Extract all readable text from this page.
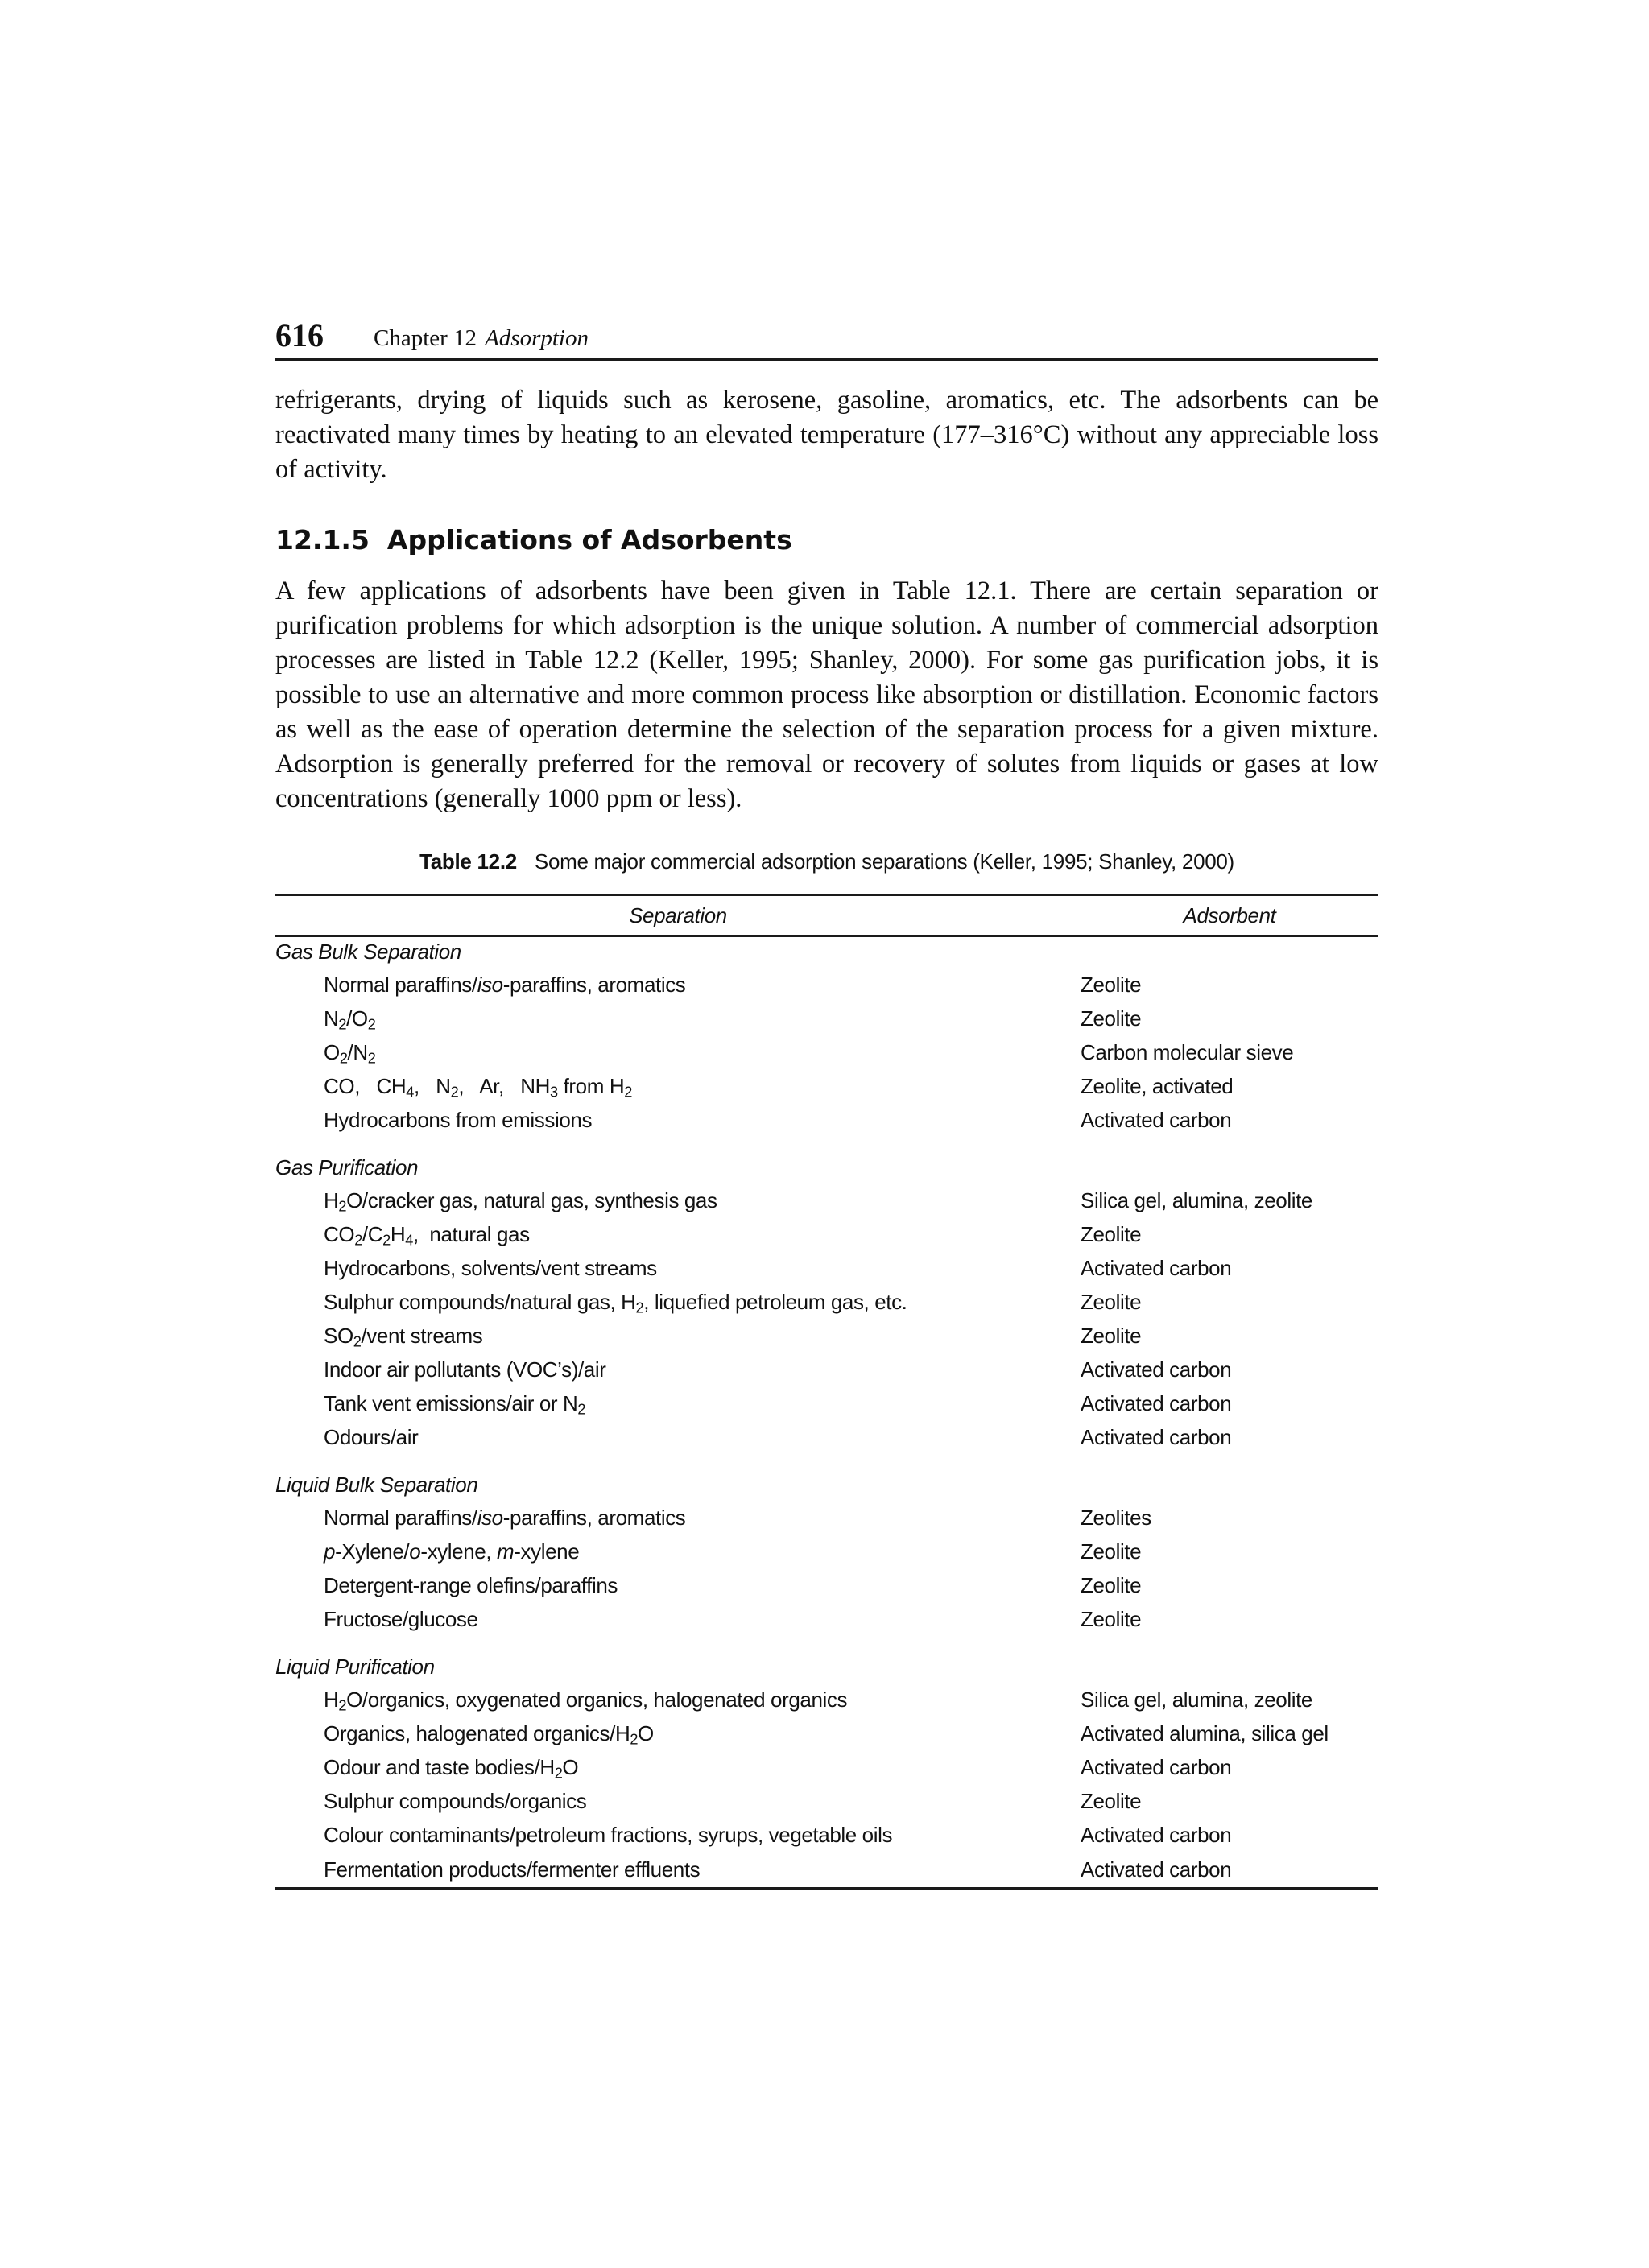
616 Chapter 12 Adsorption

refrigerants, drying of liquids such as kerosene, gasoline, aromatics, etc. The adsorbents can be reactivated many times by heating to an elevated temperature (177–316°C) without any appreciable loss of activity.

12.1.5 Applications of Adsorbents

A few applications of adsorbents have been given in Table 12.1. There are certain separation or purification problems for which adsorption is the unique solution. A number of commercial adsorption processes are listed in Table 12.2 (Keller, 1995; Shanley, 2000). For some gas purification jobs, it is possible to use an alternative and more common process like absorption or distillation. Economic factors as well as the ease of operation determine the selection of the separation process for a given mixture. Adsorption is generally preferred for the removal or recovery of solutes from liquids or gases at low concentrations (generally 1000 ppm or less).

Table 12.2 Some major commercial adsorption separations (Keller, 1995; Shanley, 2000)
Separation	Adsorbent
Gas Bulk Separation	
Normal paraffins/iso-paraffins, aromatics	Zeolite
$N_2/O_2$	Zeolite
$O_2/N_2$	Carbon molecular sieve
CO,   $CH_4$,   $N_2$,   Ar,   $NH_3$ from $H_2$	Zeolite, activated
Hydrocarbons from emissions	Activated carbon
Gas Purification	
$H_2O$/cracker gas, natural gas, synthesis gas	Silica gel, alumina, zeolite
$CO_2/C_2H_4$,  natural gas	Zeolite
Hydrocarbons, solvents/vent streams	Activated carbon
Sulphur compounds/natural gas, $H_2$, liquefied petroleum gas, etc.	Zeolite
$SO_2$/vent streams	Zeolite
Indoor air pollutants (VOC’s)/air	Activated carbon
Tank vent emissions/air or $N_2$	Activated carbon
Odours/air	Activated carbon
Liquid Bulk Separation	
Normal paraffins/iso-paraffins, aromatics	Zeolites
p-Xylene/o-xylene, m-xylene	Zeolite
Detergent-range olefins/paraffins	Zeolite
Fructose/glucose	Zeolite
Liquid Purification	
$H_2O$/organics, oxygenated organics, halogenated organics	Silica gel, alumina, zeolite
Organics, halogenated organics/$H_2O$	Activated alumina, silica gel
Odour and taste bodies/$H_2O$	Activated carbon
Sulphur compounds/organics	Zeolite
Colour contaminants/petroleum fractions, syrups, vegetable oils	Activated carbon
Fermentation products/fermenter effluents	Activated carbon
